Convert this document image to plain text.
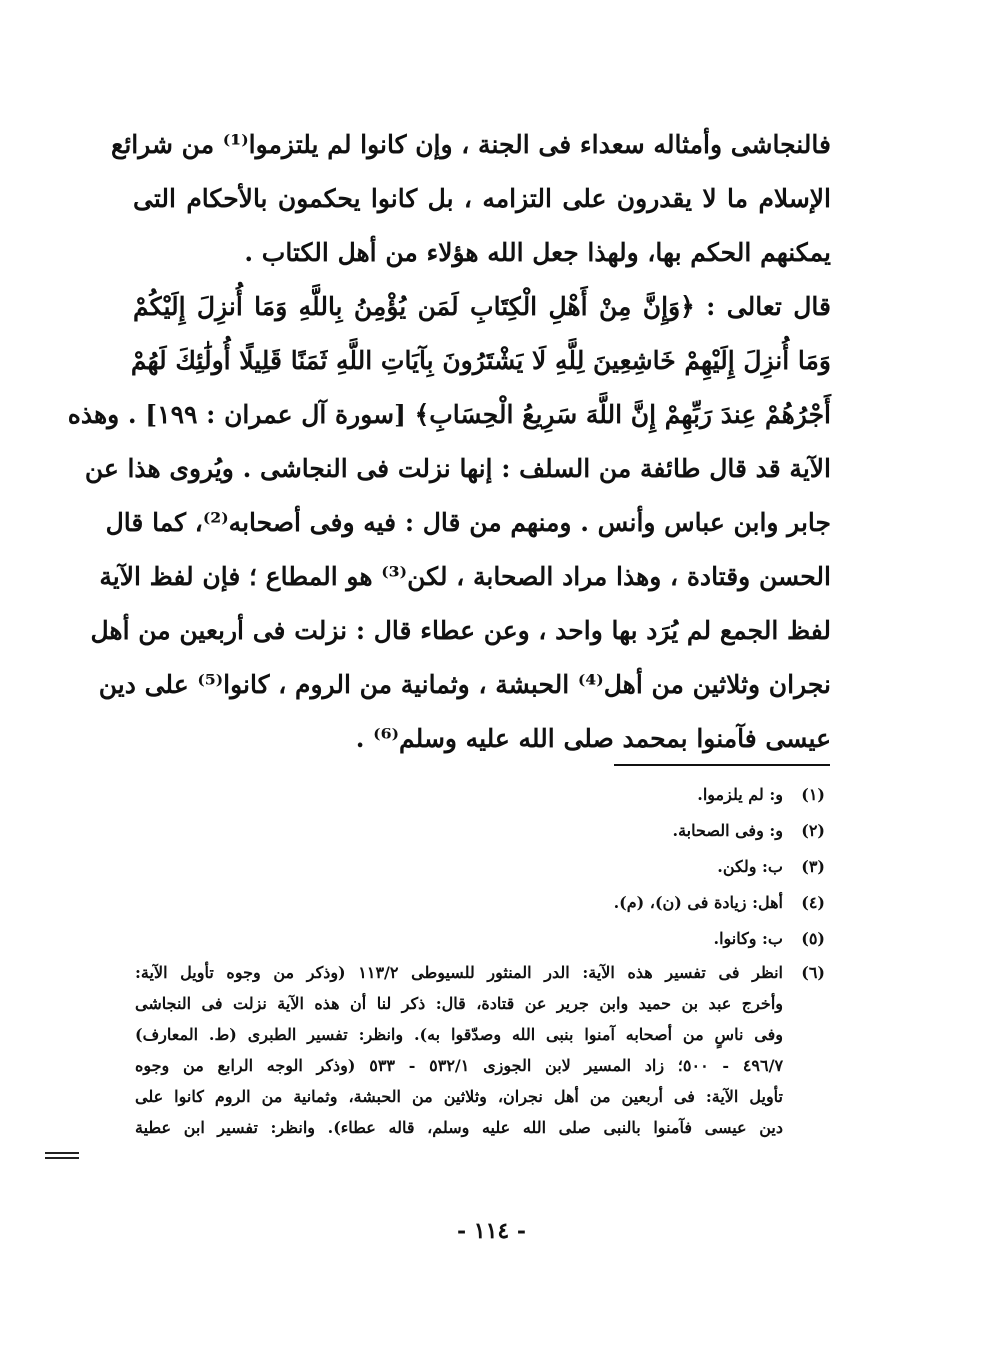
فالنجاشى وأمثاله سعداء فى الجنة ، وإن كانوا لم يلتزموا⁽¹⁾ من شرائع
الإسلام ما لا يقدرون على التزامه ، بل كانوا يحكمون بالأحكام التى
يمكنهم الحكم بها، ولهذا جعل الله هؤلاء من أهل الكتاب .
قال تعالى : ﴿وَإِنَّ مِنْ أَهْلِ الْكِتَابِ لَمَن يُؤْمِنُ بِاللَّهِ وَمَا أُنزِلَ إِلَيْكُمْ
وَمَا أُنزِلَ إِلَيْهِمْ خَاشِعِينَ لِلَّهِ لَا يَشْتَرُونَ بِآيَاتِ اللَّهِ ثَمَنًا قَلِيلًا أُولَٰئِكَ لَهُمْ
أَجْرُهُمْ عِندَ رَبِّهِمْ إِنَّ اللَّهَ سَرِيعُ الْحِسَابِ﴾ [سورة آل عمران : ١٩٩] . وهذه
الآية قد قال طائفة من السلف : إنها نزلت فى النجاشى . ويُروى هذا عن
جابر وابن عباس وأنس . ومنهم من قال : فيه وفى أصحابه⁽²⁾، كما قال
الحسن وقتادة ، وهذا مراد الصحابة ، لكن⁽³⁾ هو المطاع ؛ فإن لفظ الآية
لفظ الجمع لم يُرَد بها واحد ، وعن عطاء قال : نزلت فى أربعين من أهل
نجران وثلاثين من أهل⁽⁴⁾ الحبشة ، وثمانية من الروم ، كانوا⁽⁵⁾ على دين
عيسى فآمنوا بمحمد صلى الله عليه وسلم⁽⁶⁾ .
(١)
و: لم يلزموا.
(٢)
و: وفى الصحابة.
(٣)
ب: ولكن.
(٤)
أهل: زيادة فى (ن)، (م).
(٥)
ب: وكانوا.
(٦)
انظر فى تفسير هذه الآية: الدر المنثور للسيوطى ١١٣/٢ (وذكر من وجوه تأويل الآية:
وأخرج عبد بن حميد وابن جرير عن قتادة، قال: ذكر لنا أن هذه الآية نزلت فى النجاشى
وفى ناسٍ من أصحابه آمنوا بنبى الله وصدّقوا به). وانظر: تفسير الطبرى (ط. المعارف)
٤٩٦/٧ - ٥٠٠؛ زاد المسير لابن الجوزى ٥٣٢/١ - ٥٣٣ (وذكر الوجه الرابع من وجوه
تأويل الآية: فى أربعين من أهل نجران، وثلاثين من الحبشة، وثمانية من الروم كانوا على
دين عيسى فآمنوا بالنبى صلى الله عليه وسلم، قاله عطاء). وانظر: تفسير ابن عطية
- ١١٤ -
